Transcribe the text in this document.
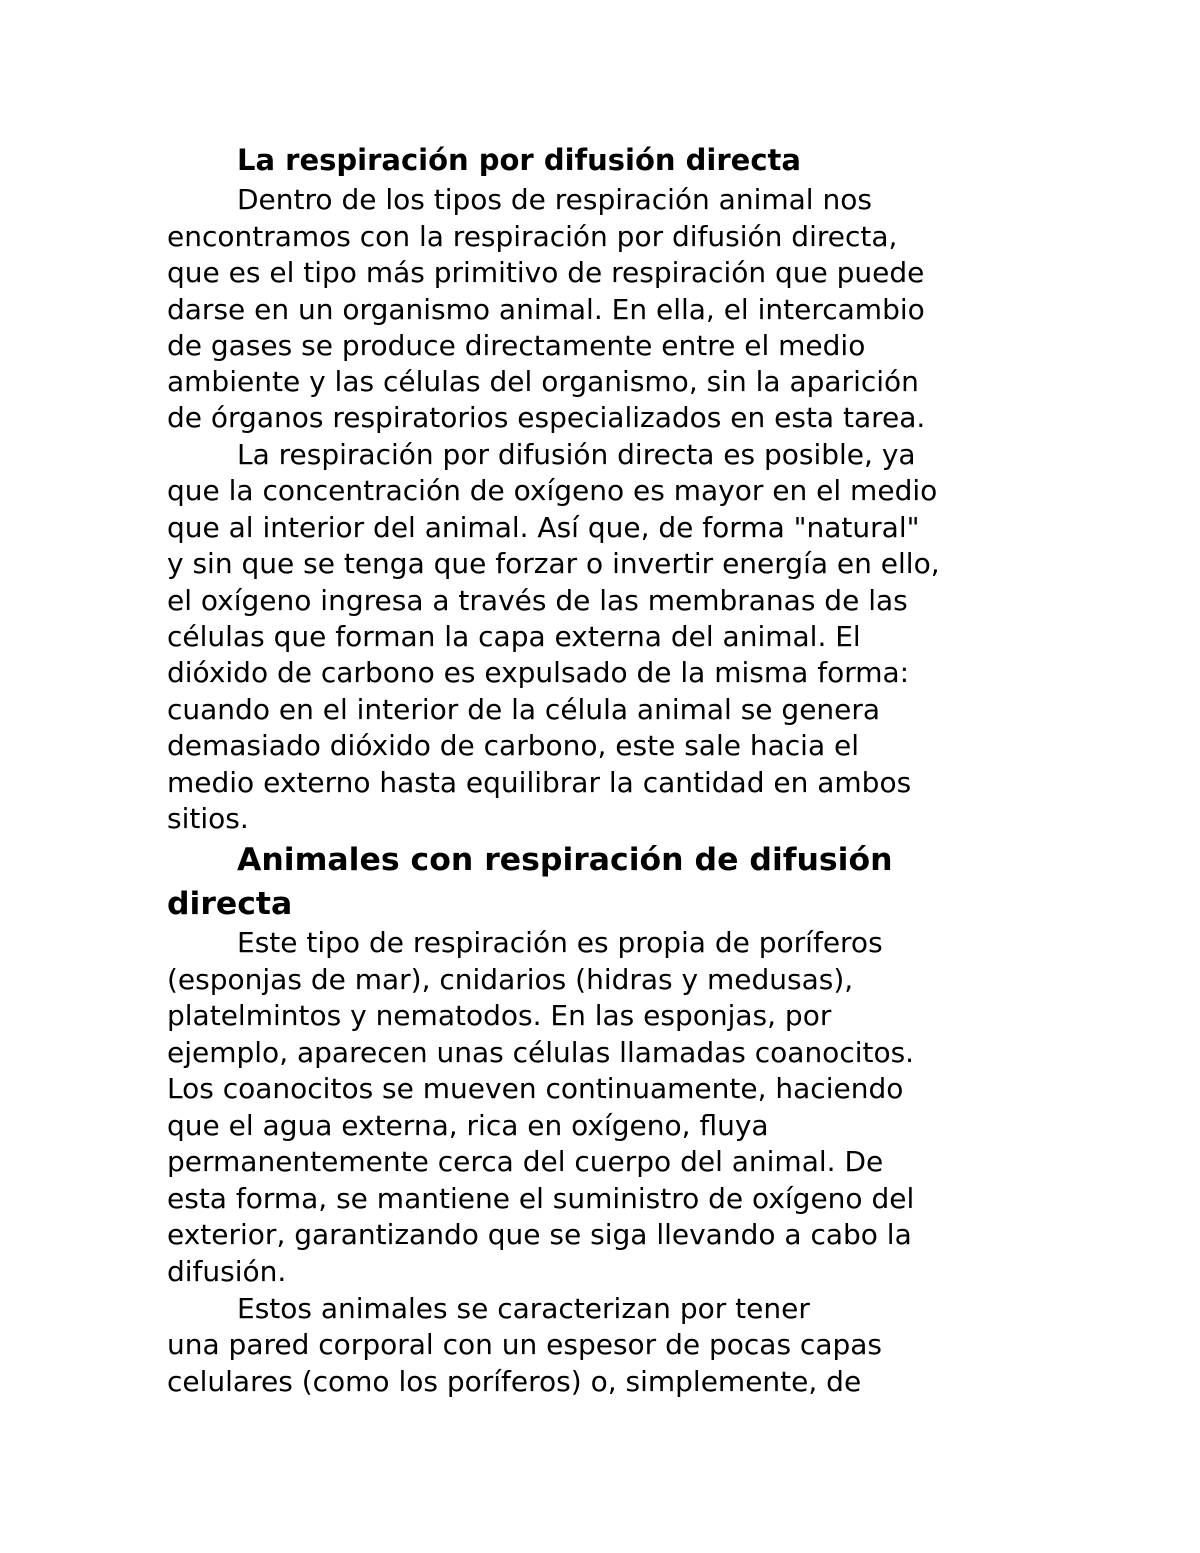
La respiración por difusión directa
Dentro de los tipos de respiración animal nos
encontramos con la respiración por difusión directa,
que es el tipo más primitivo de respiración que puede
darse en un organismo animal. En ella, el intercambio
de gases se produce directamente entre el medio
ambiente y las células del organismo, sin la aparición
de órganos respiratorios especializados en esta tarea.
La respiración por difusión directa es posible, ya
que la concentración de oxígeno es mayor en el medio
que al interior del animal. Así que, de forma "natural"
y sin que se tenga que forzar o invertir energía en ello,
el oxígeno ingresa a través de las membranas de las
células que forman la capa externa del animal. El
dióxido de carbono es expulsado de la misma forma:
cuando en el interior de la célula animal se genera
demasiado dióxido de carbono, este sale hacia el
medio externo hasta equilibrar la cantidad en ambos
sitios.
Animales con respiración de difusión
directa
Este tipo de respiración es propia de poríferos
(esponjas de mar), cnidarios (hidras y medusas),
platelmintos y nematodos. En las esponjas, por
ejemplo, aparecen unas células llamadas coanocitos.
Los coanocitos se mueven continuamente, haciendo
que el agua externa, rica en oxígeno, fluya
permanentemente cerca del cuerpo del animal. De
esta forma, se mantiene el suministro de oxígeno del
exterior, garantizando que se siga llevando a cabo la
difusión.
Estos animales se caracterizan por tener
una pared corporal con un espesor de pocas capas
celulares (como los poríferos) o, simplemente, de
